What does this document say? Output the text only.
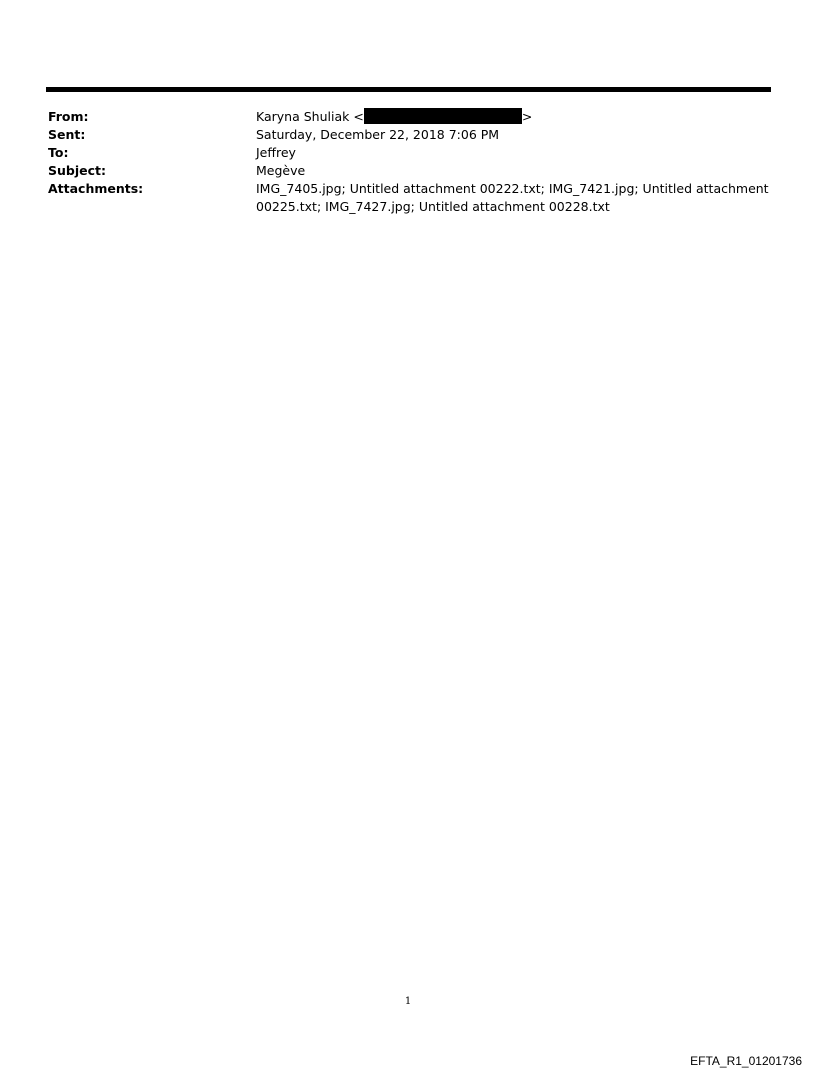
From:	Karyna Shuliak <	>
Sent:	Saturday, December 22, 2018 7:06 PM
To:	Jeffrey
Subject:	Megève
Attachments:	IMG_7405.jpg; Untitled attachment 00222.txt; IMG_7421.jpg; Untitled attachment 00225.txt; IMG_7427.jpg; Untitled attachment 00228.txt
1
EFTA_R1_01201736
